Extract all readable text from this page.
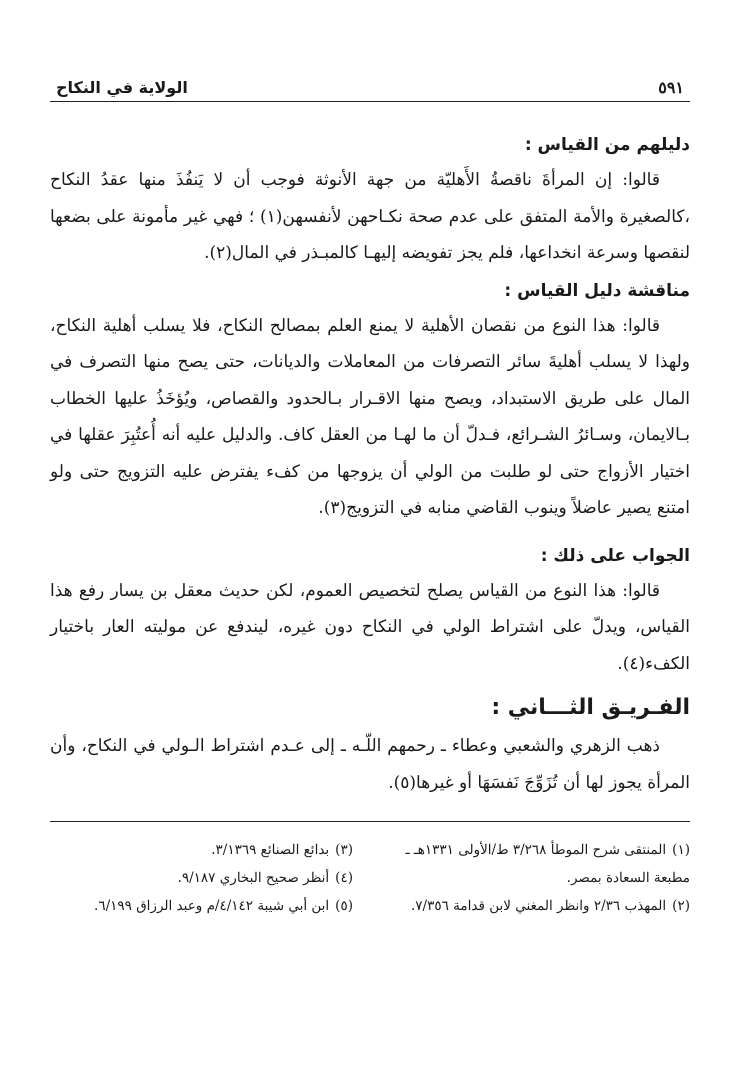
٥٩١
الولاية في النكاح

دليلهم من القياس :

قالوا: إن المرأةَ ناقصةُ الأَهليّة من جهة الأنوثة فوجب أن لا يَنفُذَ منها عقدُ النكاح ،كالصغيرة والأمة المتفق على عدم صحة نكـاحهن لأنفسهن(١) ؛ فهي غير مأمونة على بضعها لنقصها وسرعة انخداعها، فلم يجز تفويضه إليهـا كالمبـذر في المال(٢).

مناقشة دليل القياس :

قالوا: هذا النوع من نقصان الأهلية لا يمنع العلم بمصالح النكاح، فلا يسلب أهلية النكاح، ولهذا لا يسلب أهليةَ سائر التصرفات من المعاملات والديانات، حتى يصح منها التصرف في المال على طريق الاستبداد، ويصح منها الاقـرار بـالحدود والقصاص، ويُؤخَذُ عليها الخطاب بـالايمان، وسـائرُ الشـرائع، فـدلّ أن ما لهـا من العقل كاف. والدليل عليه أنه أُعتُبِرَ عقلها في اختيار الأزواج حتى لو طلبت من الولي أن يزوجها من كفء يفترض عليه التزويج حتى ولو امتنع يصير عاضلاً وينوب القاضي منابه في التزويج(٣).

الجواب على ذلك :

قالوا: هذا النوع من القياس يصلح لتخصيص العموم، لكن حديث معقل بن يسار رفع هذا القياس، ويدلّ على اشتراط الولي في النكاح دون غيره، ليندفع عن موليته العار باختيار الكفء(٤).

الفـريـق الثـــاني :

ذهب الزهري والشعبي وعطاء ـ رحمهم اللّـه ـ إلى عـدم اشتراط الـولي في النكاح، وأن المرأة يجوز لها أن تُزَوِّجَ نَفسَهَا أو غيرها(٥).

(١)المنتقى شرح الموطأ ٣/٢٦٨ ط/الأولى ١٣٣١هـ ـ مطبعة السعادة بمصر.

(٢)المهذب ٢/٣٦ وانظر المغني لابن قدامة ٧/٣٥٦.

(٣)بدائع الصنائع ٣/١٣٦٩.

(٤)أنظر صحيح البخاري ٩/١٨٧.

(٥)ابن أبي شيبة ٤/١٤٢/م وعبد الرزاق ٦/١٩٩.
